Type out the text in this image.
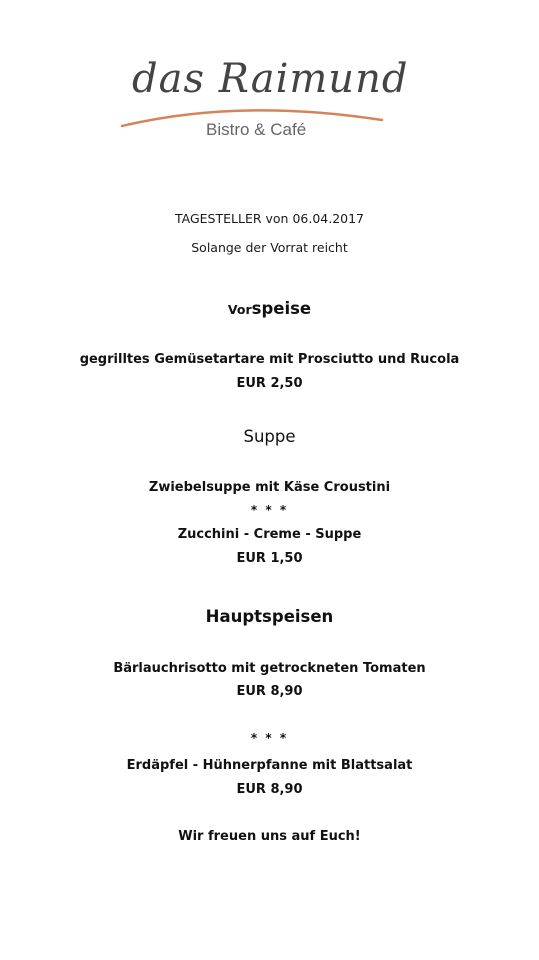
das Raimund
Bistro & Café
TAGESTELLER von 06.04.2017
Solange der Vorrat reicht
Vorspeise
gegrilltes Gemüsetartare mit Prosciutto und Rucola
EUR 2,50
Suppe
Zwiebelsuppe mit Käse Croustini
* * *
Zucchini - Creme - Suppe
EUR 1,50
Hauptspeisen
Bärlauchrisotto mit getrockneten Tomaten
EUR 8,90
* * *
Erdäpfel - Hühnerpfanne mit Blattsalat
EUR 8,90
Wir freuen uns auf Euch!
